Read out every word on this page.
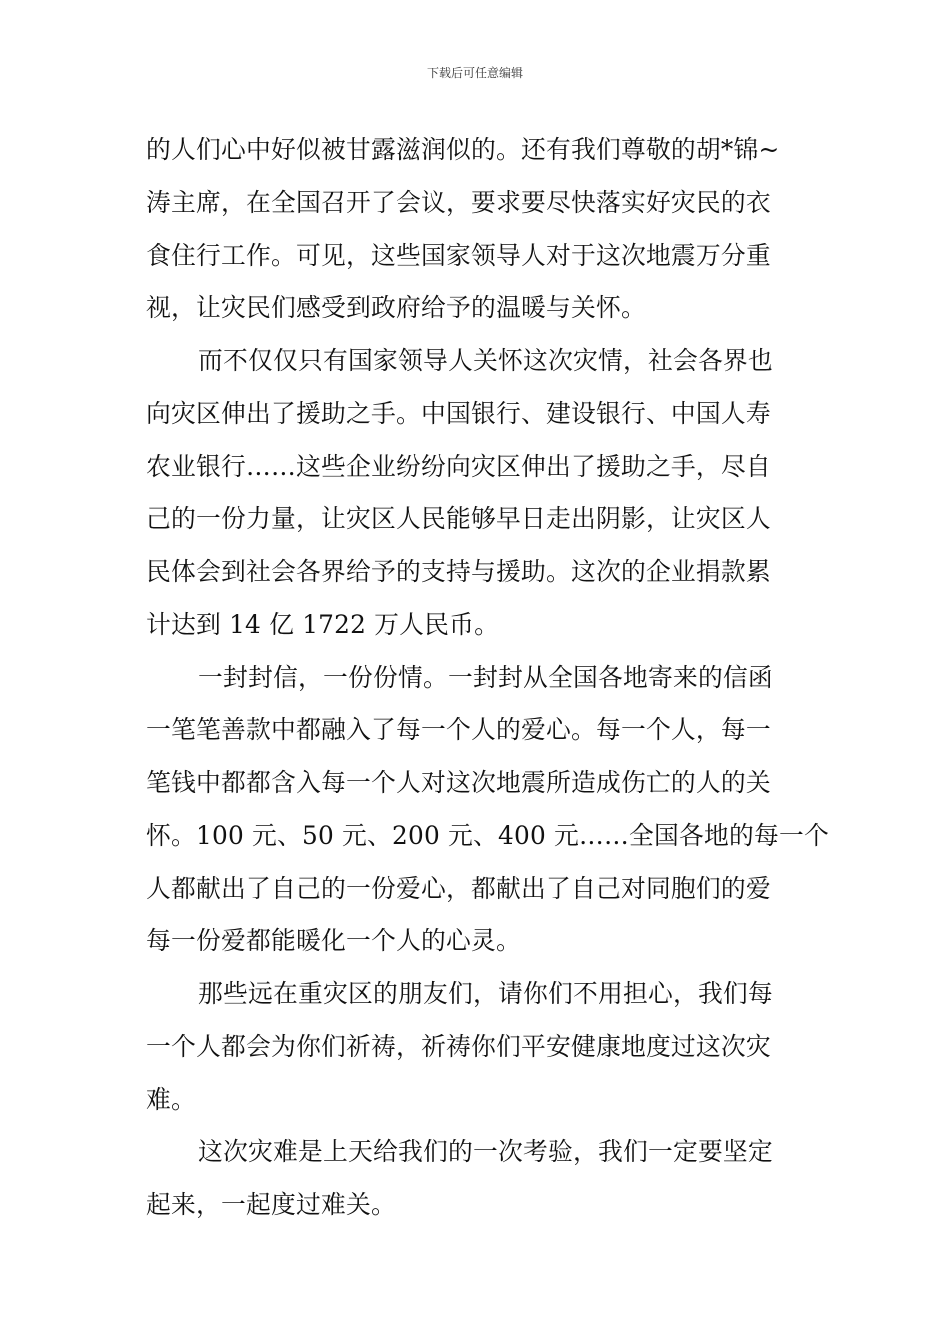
下载后可任意编辑
的人们心中好似被甘露滋润似的。还有我们尊敬的胡*锦~
涛主席，在全国召开了会议，要求要尽快落实好灾民的衣
食住行工作。可见，这些国家领导人对于这次地震万分重
视，让灾民们感受到政府给予的温暖与关怀。
而不仅仅只有国家领导人关怀这次灾情，社会各界也
向灾区伸出了援助之手。中国银行、建设银行、中国人寿
农业银行……这些企业纷纷向灾区伸出了援助之手，尽自
己的一份力量，让灾区人民能够早日走出阴影，让灾区人
民体会到社会各界给予的支持与援助。这次的企业捐款累
计达到 14 亿 1722 万人民币。
一封封信，一份份情。一封封从全国各地寄来的信函
一笔笔善款中都融入了每一个人的爱心。每一个人，每一
笔钱中都都含入每一个人对这次地震所造成伤亡的人的关
怀。100 元、50 元、200 元、400 元……全国各地的每一个
人都献出了自己的一份爱心，都献出了自己对同胞们的爱
每一份爱都能暖化一个人的心灵。
那些远在重灾区的朋友们，请你们不用担心，我们每
一个人都会为你们祈祷，祈祷你们平安健康地度过这次灾
难。
这次灾难是上天给我们的一次考验，我们一定要坚定
起来，一起度过难关。
